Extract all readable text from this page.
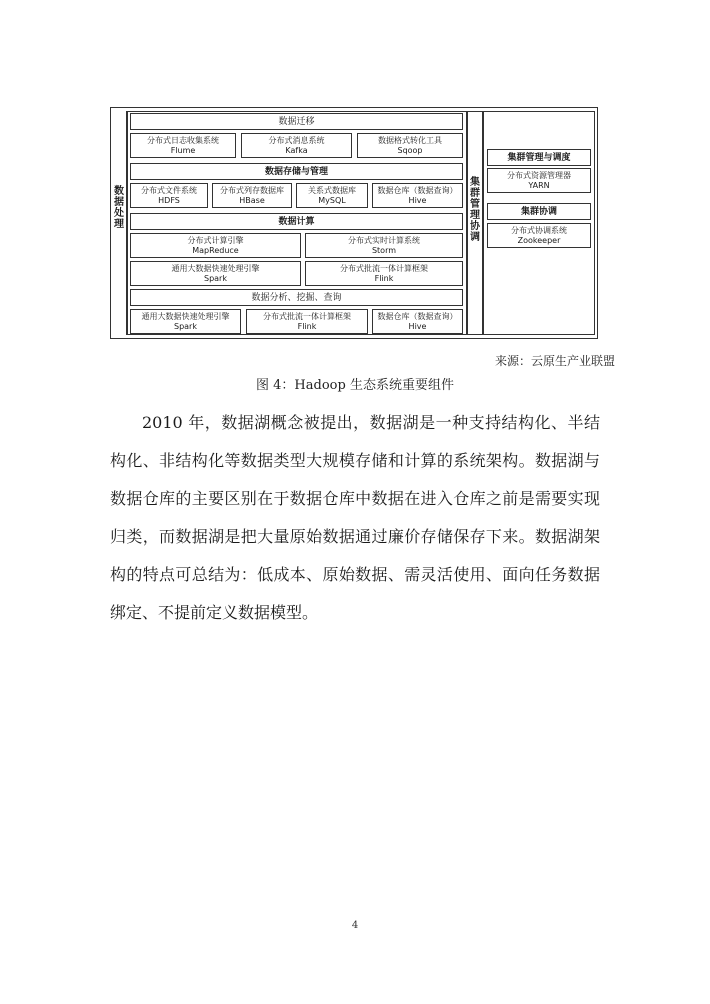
数
据
处
理
数据迁移
分布式日志收集系统
Flume
分布式消息系统
Kafka
数据格式转化工具
Sqoop
数据存储与管理
分布式文件系统
HDFS
分布式列存数据库
HBase
关系式数据库
MySQL
数据仓库（数据查询）
Hive
数据计算
分布式计算引擎
MapReduce
分布式实时计算系统
Storm
通用大数据快速处理引擎
Spark
分布式批流一体计算框架
Flink
数据分析、挖掘、查询
通用大数据快速处理引擎
Spark
分布式批流一体计算框架
Flink
数据仓库（数据查询）
Hive
集
群
管
理
协
调
集群管理与调度
分布式资源管理器
YARN
集群协调
分布式协调系统
Zookeeper
来源：云原生产业联盟
图 4：Hadoop 生态系统重要组件

2010 年，数据湖概念被提出，数据湖是一种支持结构化、半结构化、非结构化等数据类型大规模存储和计算的系统架构。数据湖与数据仓库的主要区别在于数据仓库中数据在进入仓库之前是需要实现归类，而数据湖是把大量原始数据通过廉价存储保存下来。数据湖架构的特点可总结为：低成本、原始数据、需灵活使用、面向任务数据绑定、不提前定义数据模型。

4
